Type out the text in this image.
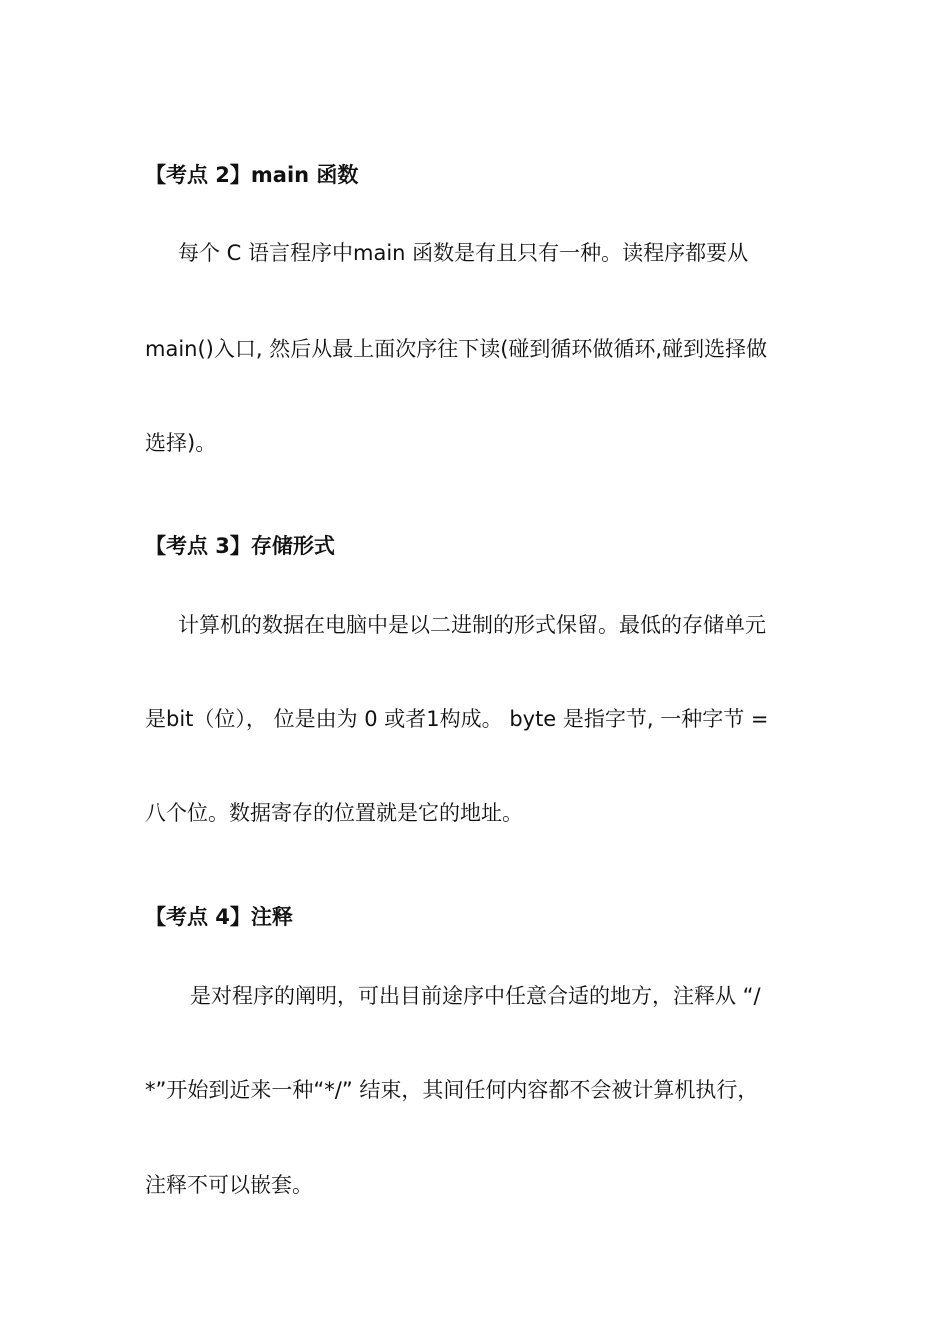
【考点 2】main 函数
每个 C 语言程序中main 函数是有且只有一种。读程序都要从
main()入口, 然后从最上面次序往下读(碰到循环做循环,碰到选择做
选择)。
【考点 3】存储形式
计算机的数据在电脑中是以二进制的形式保留。最低的存储单元
是bit（位）， 位是由为 0 或者1构成。 byte 是指字节, 一种字节 =
八个位。数据寄存的位置就是它的地址。
【考点 4】注释
是对程序的阐明，可出目前途序中任意合适的地方，注释从 “/
*”开始到近来一种“*/” 结束，其间任何内容都不会被计算机执行，
注释不可以嵌套。
